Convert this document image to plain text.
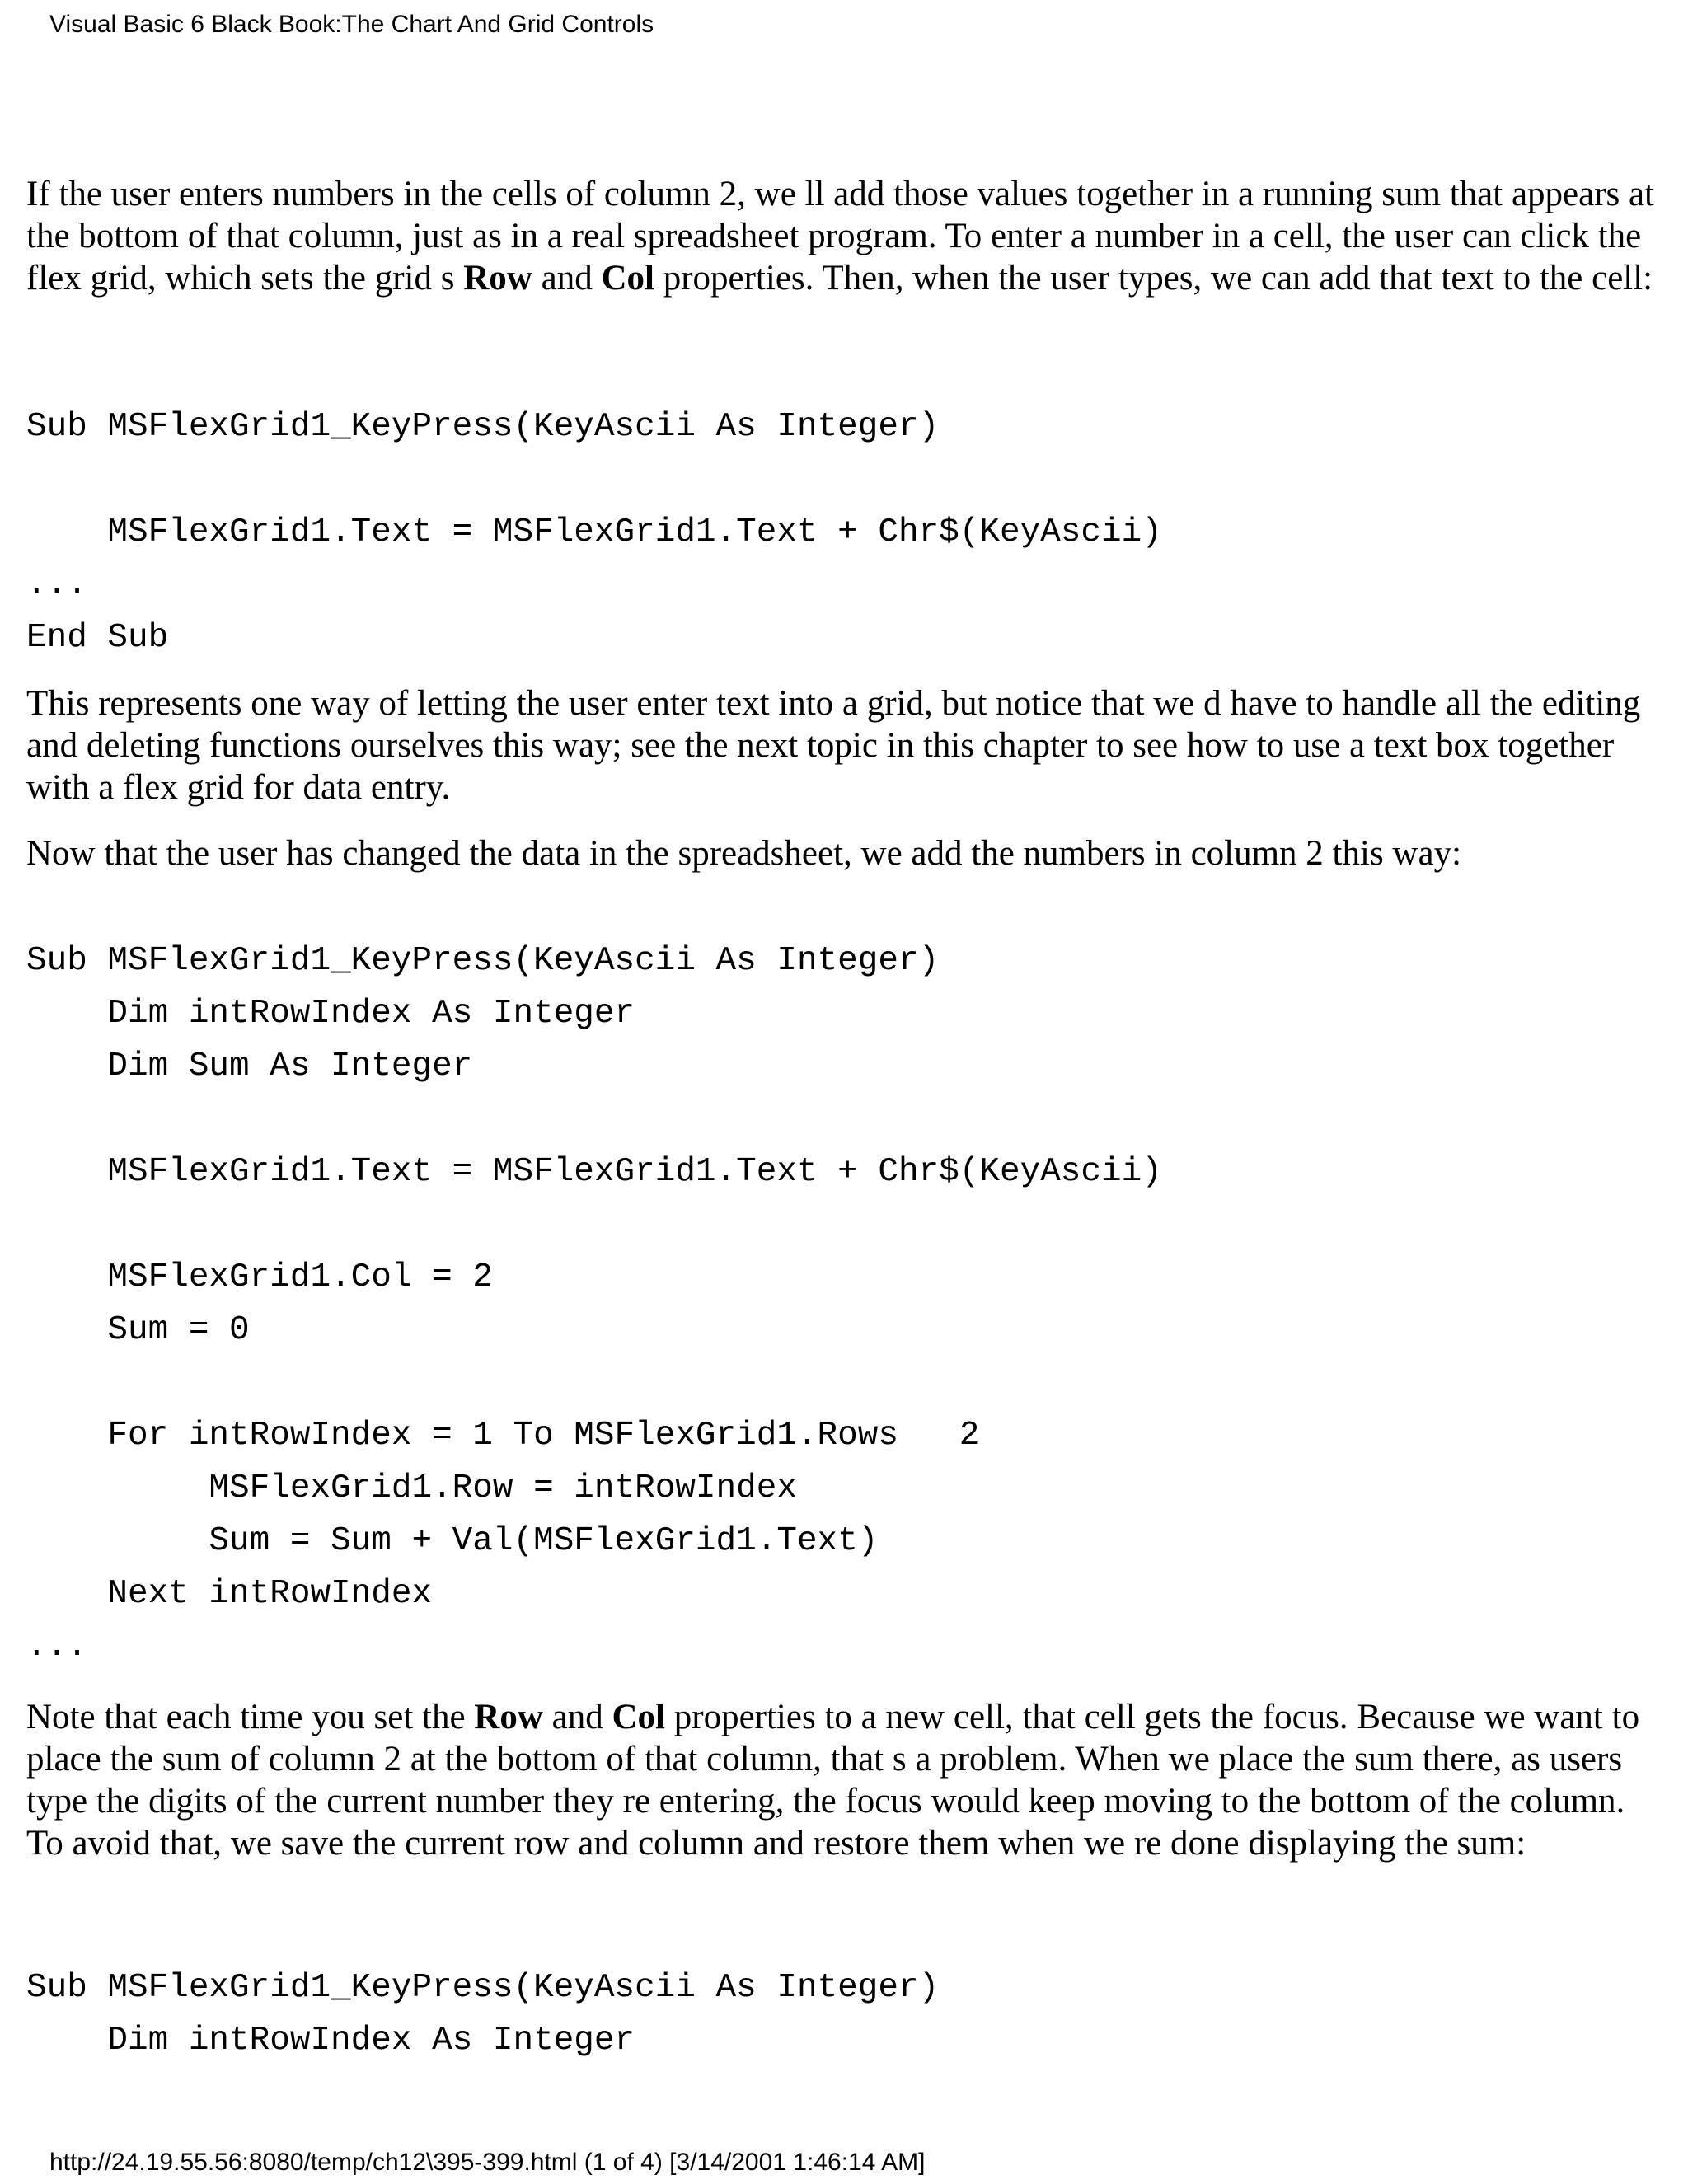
Visual Basic 6 Black Book:The Chart And Grid Controls

If the user enters numbers in the cells of column 2, we ll add those values together in a running sum that appears at the bottom of that column, just as in a real spreadsheet program. To enter a number in a cell, the user can click the flex grid, which sets the grid s Row and Col properties. Then, when the user types, we can add that text to the cell:

Sub MSFlexGrid1_KeyPress(KeyAscii As Integer)

MSFlexGrid1.Text = MSFlexGrid1.Text + Chr$(KeyAscii)
...
End Sub

This represents one way of letting the user enter text into a grid, but notice that we d have to handle all the editing and deleting functions ourselves this way; see the next topic in this chapter to see how to use a text box together with a flex grid for data entry.

Now that the user has changed the data in the spreadsheet, we add the numbers in column 2 this way:

Sub MSFlexGrid1_KeyPress(KeyAscii As Integer)
Dim intRowIndex As Integer
Dim Sum As Integer

MSFlexGrid1.Text = MSFlexGrid1.Text + Chr$(KeyAscii)

MSFlexGrid1.Col = 2
Sum = 0

For intRowIndex = 1 To MSFlexGrid1.Rows   2
MSFlexGrid1.Row = intRowIndex
Sum = Sum + Val(MSFlexGrid1.Text)
Next intRowIndex
...

Note that each time you set the Row and Col properties to a new cell, that cell gets the focus. Because we want to place the sum of column 2 at the bottom of that column, that s a problem. When we place the sum there, as users type the digits of the current number they re entering, the focus would keep moving to the bottom of the column. To avoid that, we save the current row and column and restore them when we re done displaying the sum:

Sub MSFlexGrid1_KeyPress(KeyAscii As Integer)
Dim intRowIndex As Integer
http://24.19.55.56:8080/temp/ch12\395-399.html (1 of 4) [3/14/2001 1:46:14 AM]
